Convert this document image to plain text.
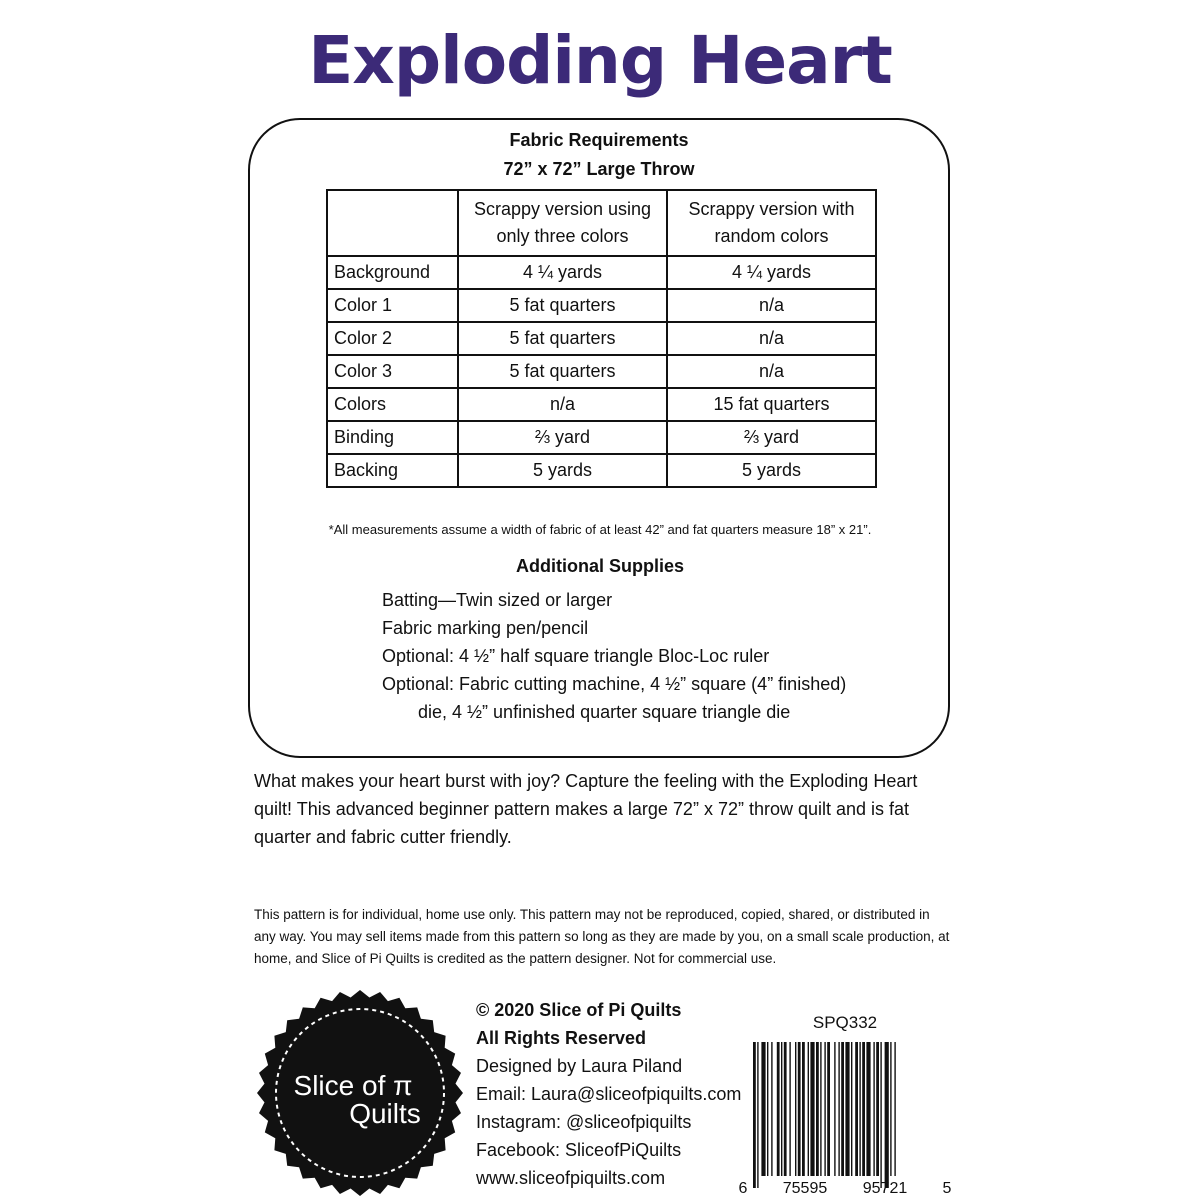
Exploding Heart
Fabric Requirements
72” x 72” Large Throw
	Scrappy version using only three colors	Scrappy version with random colors
Background	4 ¼ yards	4 ¼ yards
Color 1	5 fat quarters	n/a
Color 2	5 fat quarters	n/a
Color 3	5 fat quarters	n/a
Colors	n/a	15 fat quarters
Binding	⅔ yard	⅔ yard
Backing	5 yards	5 yards
*All measurements assume a width of fabric of at least 42” and fat quarters measure 18” x 21”.
Additional Supplies
Batting—Twin sized or larger
Fabric marking pen/pencil
Optional: 4 ½” half square triangle Bloc-Loc ruler
Optional: Fabric cutting machine, 4 ½” square (4” finished)
die, 4 ½” unfinished quarter square triangle die
What makes your heart burst with joy? Capture the feeling with the Exploding Heart quilt! This advanced beginner pattern makes a large 72” x 72” throw quilt and is fat quarter and fabric cutter friendly.
This pattern is for individual, home use only. This pattern may not be reproduced, copied, shared, or distributed in any way. You may sell items made from this pattern so long as they are made by you, on a small scale production, at home, and Slice of Pi Quilts is credited as the pattern designer. Not for commercial use.
Slice of π
Quilts
© 2020 Slice of Pi Quilts
All Rights Reserved
Designed by Laura Piland
Email: Laura@sliceofpiquilts.com
Instagram: @sliceofpiquilts
Facebook: SliceofPiQuilts
www.sliceofpiquilts.com
SPQ332
6 75595 95721 5
